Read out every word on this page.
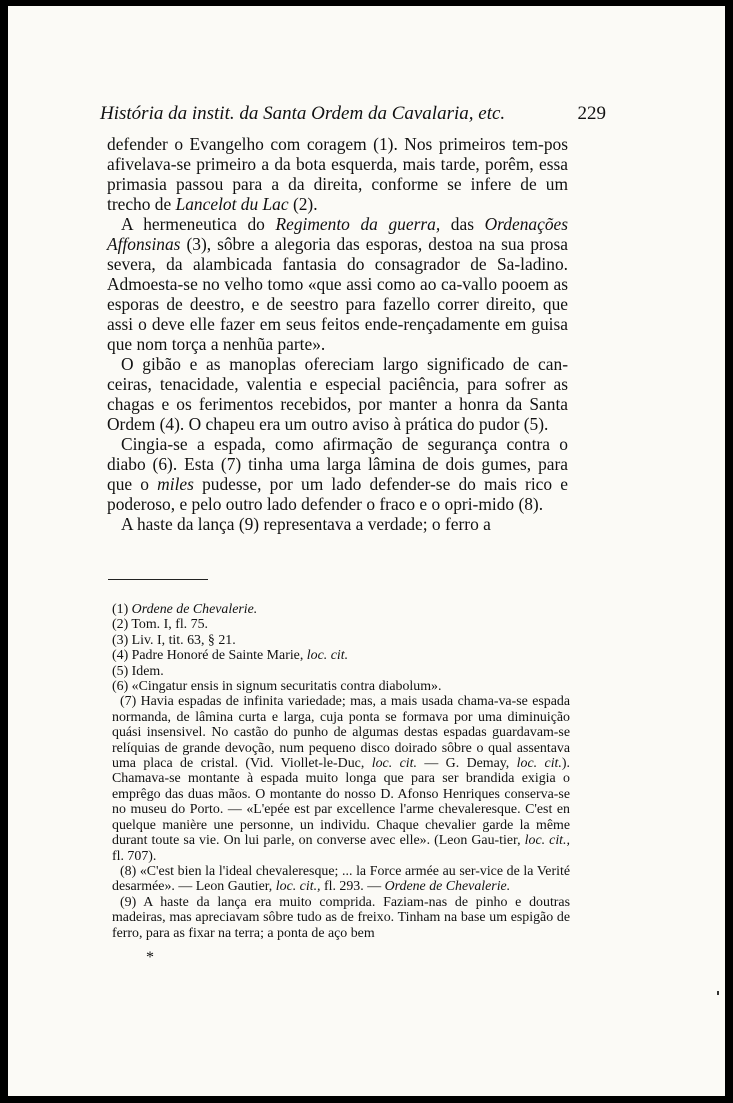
História da instit. da Santa Ordem da Cavalaria, etc.	229

defender o Evangelho com coragem (1). Nos primeiros tem-pos afivelava-se primeiro a da bota esquerda, mais tarde, porêm, essa primasia passou para a da direita, conforme se infere de um trecho de Lancelot du Lac (2).

A hermeneutica do Regimento da guerra, das Ordenações Affonsinas (3), sôbre a alegoria das esporas, destoa na sua prosa severa, da alambicada fantasia do consagrador de Sa-ladino. Admoesta-se no velho tomo «que assi como ao ca-vallo pooem as esporas de deestro, e de seestro para fazello correr direito, que assi o deve elle fazer em seus feitos ende-rençadamente em guisa que nom torça a nenhũa parte».

O gibão e as manoplas ofereciam largo significado de can-ceiras, tenacidade, valentia e especial paciência, para sofrer as chagas e os ferimentos recebidos, por manter a honra da Santa Ordem (4). O chapeu era um outro aviso à prática do pudor (5).

Cingia-se a espada, como afirmação de segurança contra o diabo (6). Esta (7) tinha uma larga lâmina de dois gumes, para que o miles pudesse, por um lado defender-se do mais rico e poderoso, e pelo outro lado defender o fraco e o opri-mido (8).

A haste da lança (9) representava a verdade; o ferro a

(1) Ordene de Chevalerie.

(2) Tom. I, fl. 75.

(3) Liv. I, tit. 63, § 21.

(4) Padre Honoré de Sainte Marie, loc. cit.

(5) Idem.

(6) «Cingatur ensis in signum securitatis contra diabolum».

(7) Havia espadas de infinita variedade; mas, a mais usada chama-va-se espada normanda, de lâmina curta e larga, cuja ponta se formava por uma diminuição quási insensivel. No castão do punho de algumas destas espadas guardavam-se relíquias de grande devoção, num pequeno disco doirado sôbre o qual assentava uma placa de cristal. (Vid. Viollet-le-Duc, loc. cit. — G. Demay, loc. cit.). Chamava-se montante à espada muito longa que para ser brandida exigia o emprêgo das duas mãos. O montante do nosso D. Afonso Henriques conserva-se no museu do Porto. — «L'epée est par excellence l'arme chevaleresque. C'est en quelque manière une personne, un individu. Chaque chevalier garde la même durant toute sa vie. On lui parle, on converse avec elle». (Leon Gau-tier, loc. cit., fl. 707).

(8) «C'est bien la l'ideal chevaleresque; ... la Force armée au ser-vice de la Verité desarmée». — Leon Gautier, loc. cit., fl. 293. — Ordene de Chevalerie.

(9) A haste da lança era muito comprida. Faziam-nas de pinho e doutras madeiras, mas apreciavam sôbre tudo as de freixo. Tinham na base um espigão de ferro, para as fixar na terra; a ponta de aço bem

*
